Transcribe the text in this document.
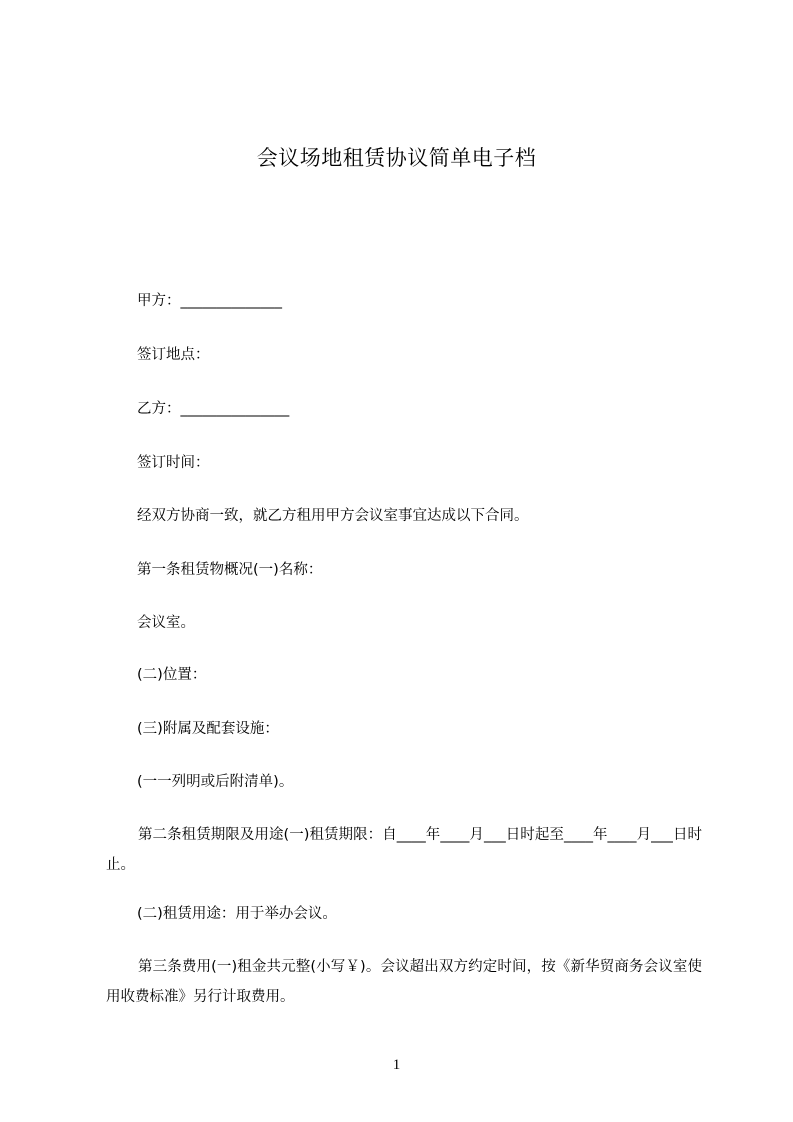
会议场地租赁协议简单电子档
甲方：______________
签订地点：
乙方：_______________
签订时间：
经双方协商一致，就乙方租用甲方会议室事宜达成以下合同。
第一条租赁物概况(一)名称：
会议室。
(二)位置：
(三)附属及配套设施：
(一一列明或后附清单)。
第二条租赁期限及用途(一)租赁期限：自____年____月___日时起至____年____月___日时止。
(二)租赁用途：用于举办会议。
第三条费用(一)租金共元整(小写￥)。会议超出双方约定时间，按《新华贸商务会议室使用收费标准》另行计取费用。
1
